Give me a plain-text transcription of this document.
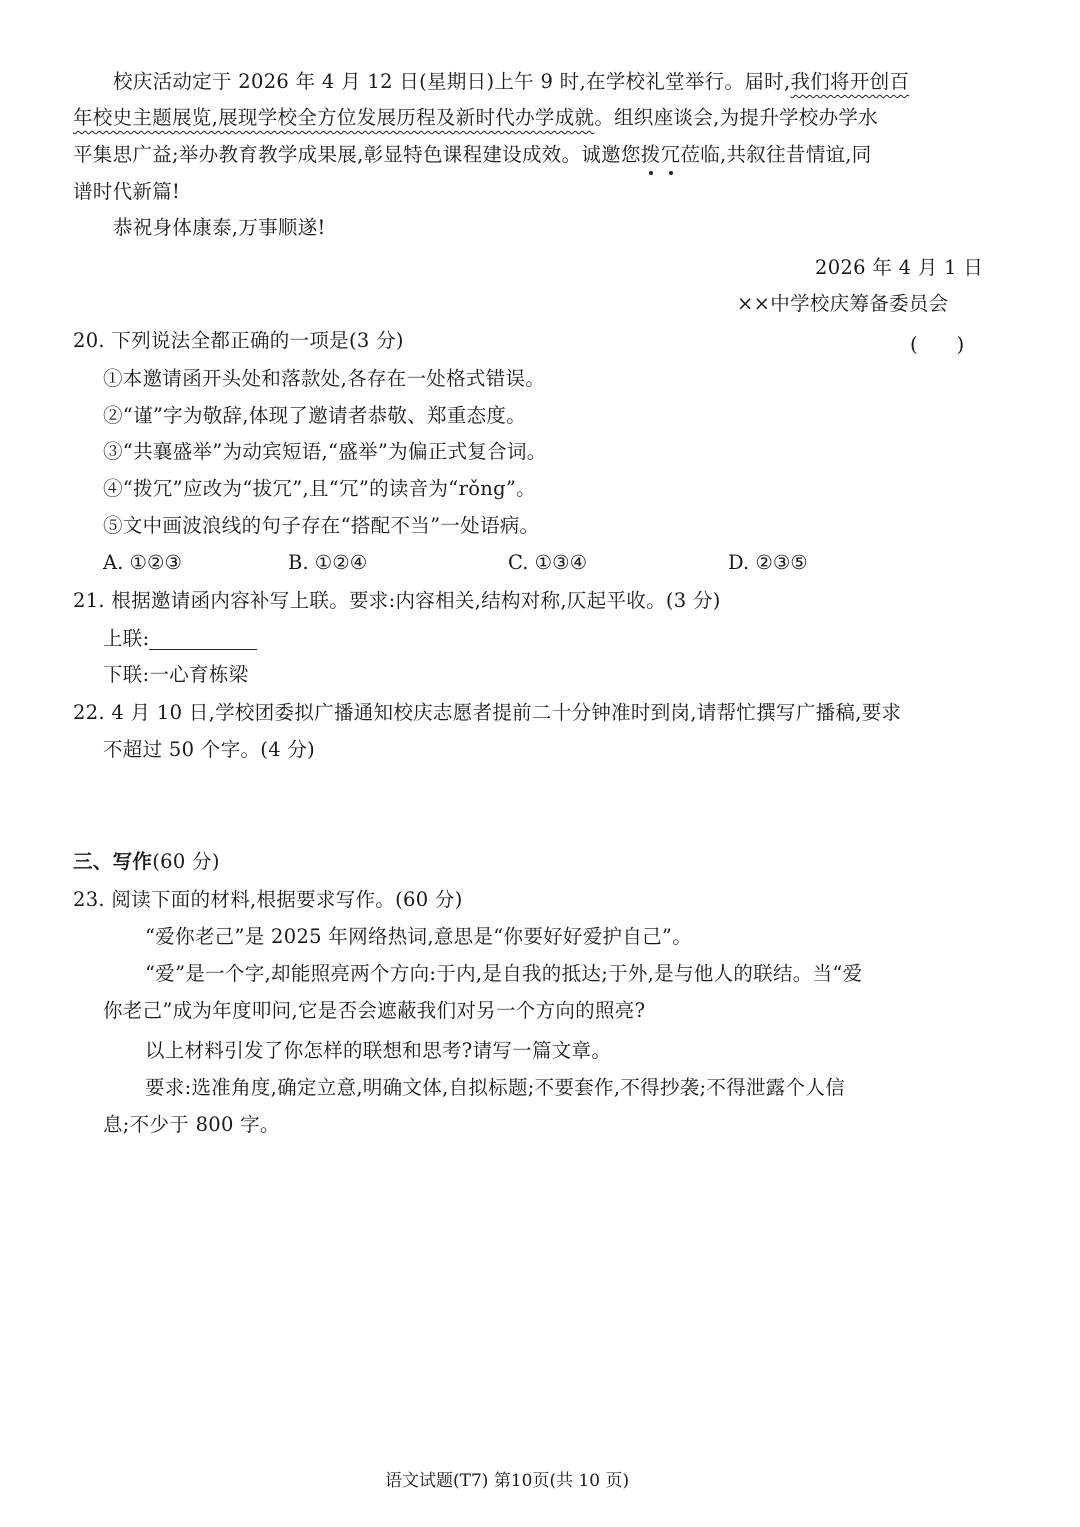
校庆活动定于 2026 年 4 月 12 日(星期日)上午 9 时,在学校礼堂举行。届时,我们将开创百
年校史主题展览,展现学校全方位发展历程及新时代办学成就。组织座谈会,为提升学校办学水
平集思广益;举办教育教学成果展,彰显特色课程建设成效。诚邀您拨冗莅临,共叙往昔情谊,同
谱时代新篇!
恭祝身体康泰,万事顺遂!
2026 年 4 月 1 日
××中学校庆筹备委员会
20. 下列说法全都正确的一项是(3 分)	(　　)
①本邀请函开头处和落款处,各存在一处格式错误。
②“谨”字为敬辞,体现了邀请者恭敬、郑重态度。
③“共襄盛举”为动宾短语,“盛举”为偏正式复合词。
④“拨冗”应改为“拔冗”,且“冗”的读音为“rǒng”。
⑤文中画波浪线的句子存在“搭配不当”一处语病。
A. ①②③	B. ①②④	C. ①③④	D. ②③⑤
21. 根据邀请函内容补写上联。要求:内容相关,结构对称,仄起平收。(3 分)
上联:
下联:一心育栋梁
22. 4 月 10 日,学校团委拟广播通知校庆志愿者提前二十分钟准时到岗,请帮忙撰写广播稿,要求
不超过 50 个字。(4 分)
三、写作(60 分)
23. 阅读下面的材料,根据要求写作。(60 分)
“爱你老己”是 2025 年网络热词,意思是“你要好好爱护自己”。
“爱”是一个字,却能照亮两个方向:于内,是自我的抵达;于外,是与他人的联结。当“爱
你老己”成为年度叩问,它是否会遮蔽我们对另一个方向的照亮?
以上材料引发了你怎样的联想和思考?请写一篇文章。
要求:选准角度,确定立意,明确文体,自拟标题;不要套作,不得抄袭;不得泄露个人信
息;不少于 800 字。
语文试题(T7) 第10页(共 10 页)
